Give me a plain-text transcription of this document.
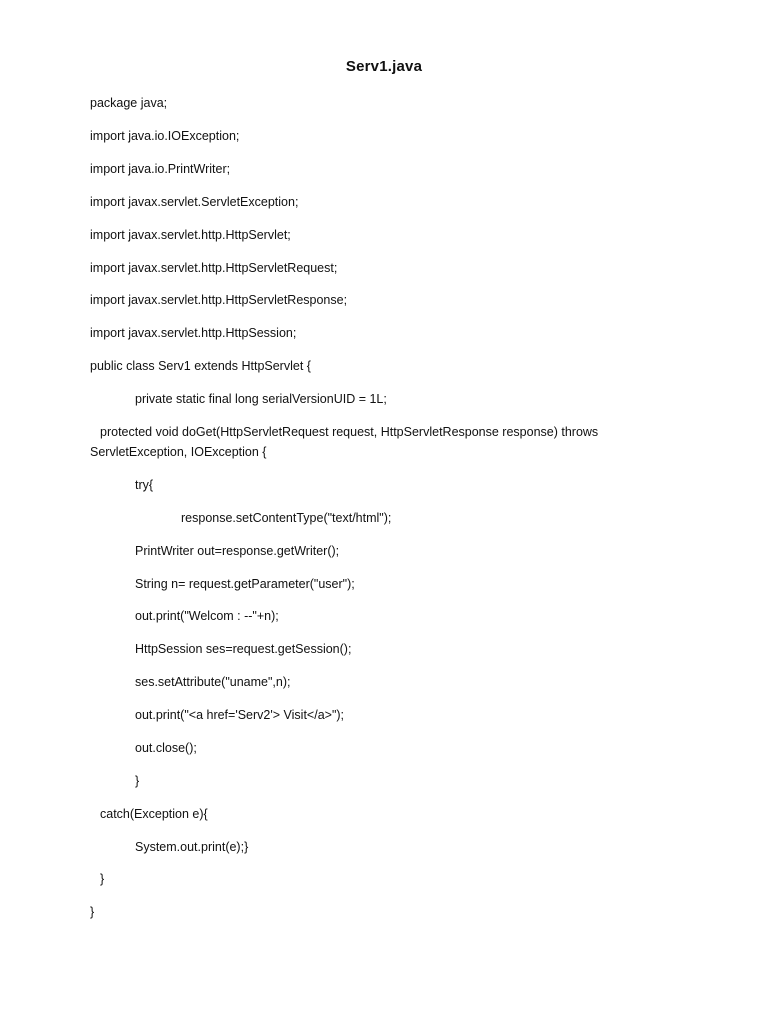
Serv1.java
package java;
import java.io.IOException;
import java.io.PrintWriter;
import javax.servlet.ServletException;
import javax.servlet.http.HttpServlet;
import javax.servlet.http.HttpServletRequest;
import javax.servlet.http.HttpServletResponse;
import javax.servlet.http.HttpSession;
public class Serv1 extends HttpServlet {
private static final long serialVersionUID = 1L;
protected void doGet(HttpServletRequest request, HttpServletResponse response) throws
ServletException, IOException {
try{
response.setContentType("text/html");
PrintWriter out=response.getWriter();
String n= request.getParameter("user");
out.print("Welcom : --"+n);
HttpSession ses=request.getSession();
ses.setAttribute("uname",n);
out.print("<a href='Serv2'> Visit</a>");
out.close();
}
catch(Exception e){
System.out.print(e);}
}
}
